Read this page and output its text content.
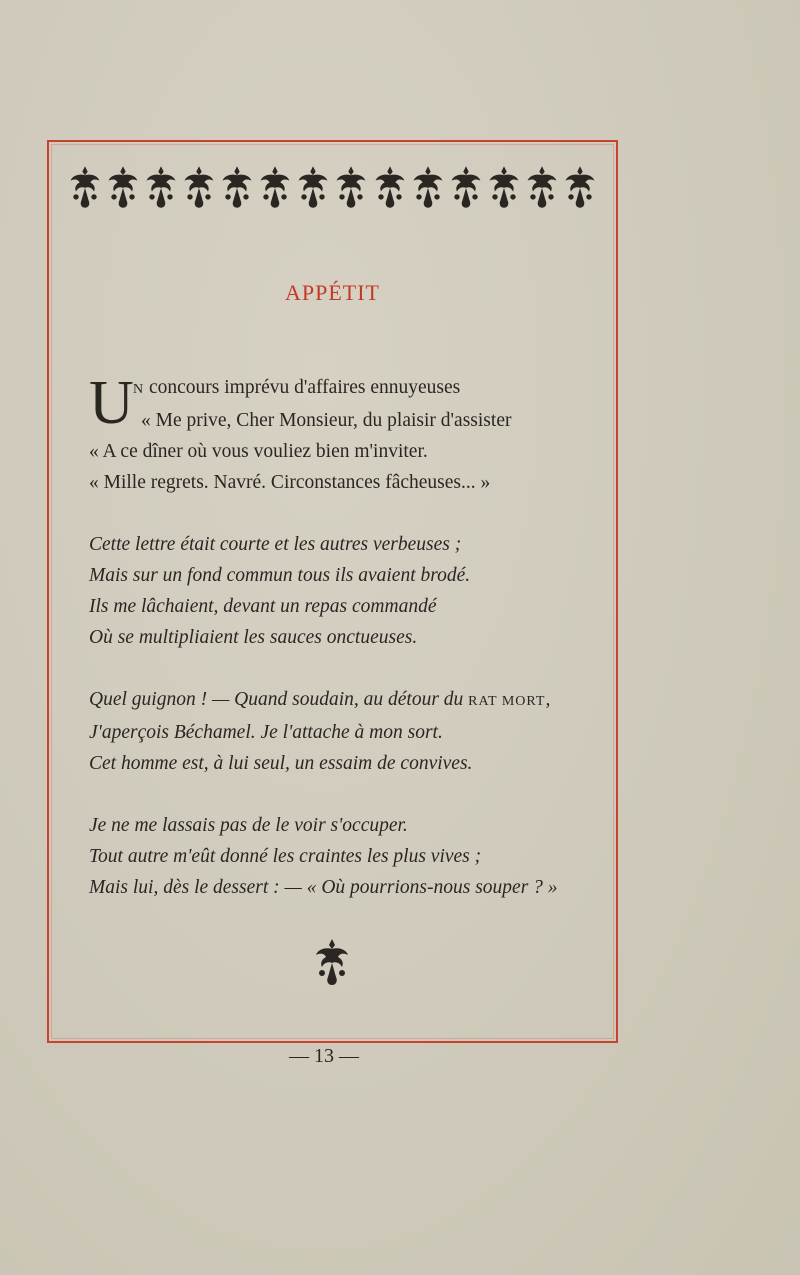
APPÉTIT
U N concours imprévu d'affaires ennuyeuses
« Me prive, Cher Monsieur, du plaisir d'assister
« A ce dîner où vous vouliez bien m'inviter.
« Mille regrets. Navré. Circonstances fâcheuses... »
Cette lettre était courte et les autres verbeuses ;
Mais sur un fond commun tous ils avaient brodé.
Ils me lâchaient, devant un repas commandé
Où se multipliaient les sauces onctueuses.
Quel guignon ! — Quand soudain, au détour du RAT MORT,
J'aperçois Béchamel. Je l'attache à mon sort.
Cet homme est, à lui seul, un essaim de convives.
Je ne me lassais pas de le voir s'occuper.
Tout autre m'eût donné les craintes les plus vives ;
Mais lui, dès le dessert : — « Où pourrions-nous souper ? »
— 13 —
